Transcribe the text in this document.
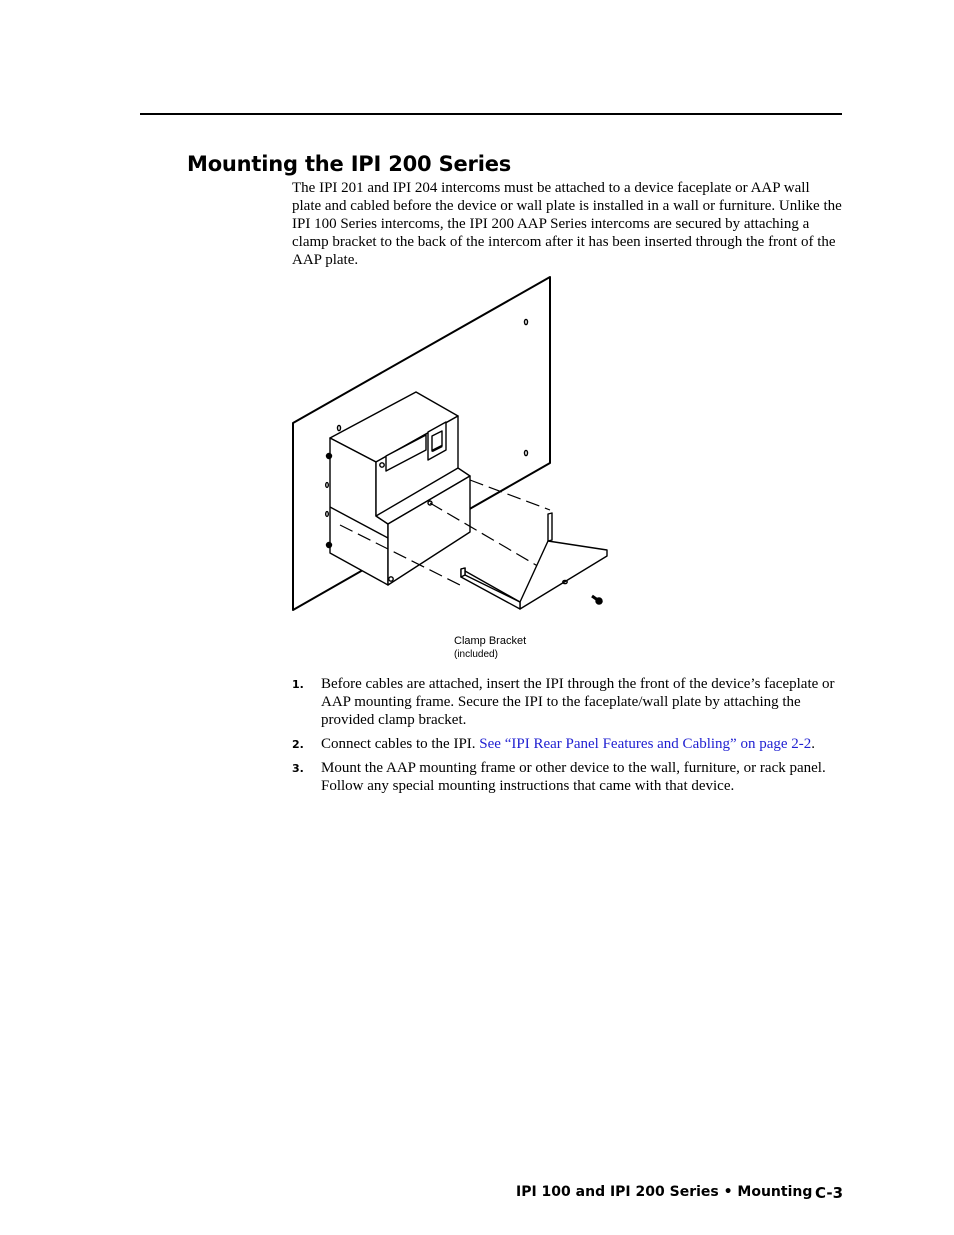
Mounting the IPI 200 Series

The IPI 201 and IPI 204 intercoms must be attached to a device faceplate or AAP wall plate and cabled before the device or wall plate is installed in a wall or furniture. Unlike the IPI 100 Series intercoms, the IPI 200 AAP Series intercoms are secured by attaching a clamp bracket to the back of the intercom after it has been inserted through the front of the AAP plate.

Clamp Bracket
(included)
1. Before cables are attached, insert the IPI through the front of the device’s faceplate or AAP mounting frame. Secure the IPI to the faceplate/wall plate by attaching the provided clamp bracket.
2. Connect cables to the IPI. See “IPI Rear Panel Features and Cabling” on page 2-2.
3. Mount the AAP mounting frame or other device to the wall, furniture, or rack panel. Follow any special mounting instructions that came with that device.
IPI 100 and IPI 200 Series • Mounting C-3
